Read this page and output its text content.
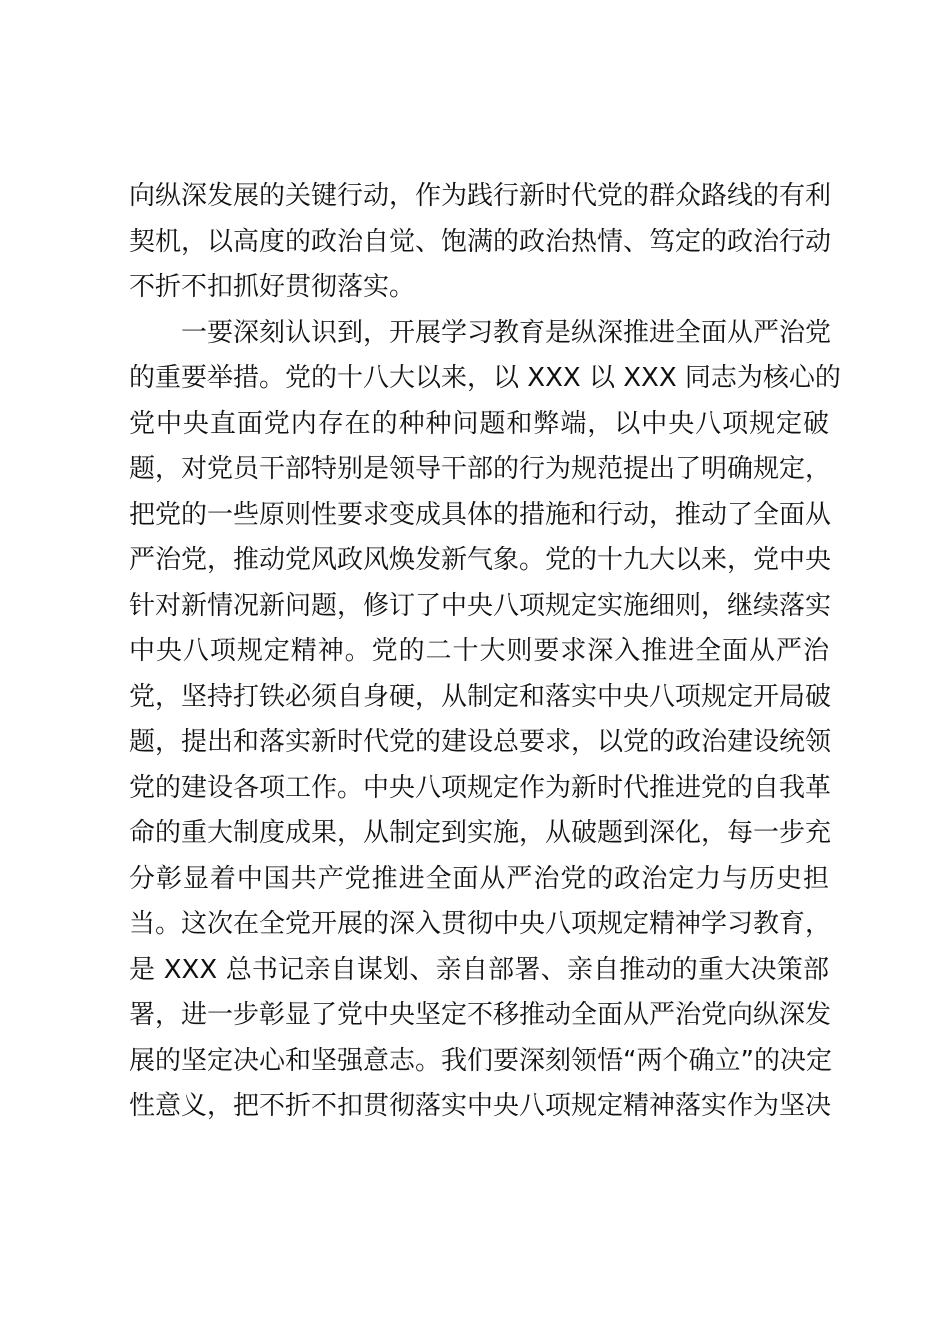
向纵深发展的关键行动，作为践行新时代党的群众路线的有利
契机，以高度的政治自觉、饱满的政治热情、笃定的政治行动
不折不扣抓好贯彻落实。
一要深刻认识到，开展学习教育是纵深推进全面从严治党
的重要举措。党的十八大以来，以 XXX 以 XXX 同志为核心的
党中央直面党内存在的种种问题和弊端，以中央八项规定破
题，对党员干部特别是领导干部的行为规范提出了明确规定，
把党的一些原则性要求变成具体的措施和行动，推动了全面从
严治党，推动党风政风焕发新气象。党的十九大以来，党中央
针对新情况新问题，修订了中央八项规定实施细则，继续落实
中央八项规定精神。党的二十大则要求深入推进全面从严治
党，坚持打铁必须自身硬，从制定和落实中央八项规定开局破
题，提出和落实新时代党的建设总要求，以党的政治建设统领
党的建设各项工作。中央八项规定作为新时代推进党的自我革
命的重大制度成果，从制定到实施，从破题到深化，每一步充
分彰显着中国共产党推进全面从严治党的政治定力与历史担
当。这次在全党开展的深入贯彻中央八项规定精神学习教育，
是 XXX 总书记亲自谋划、亲自部署、亲自推动的重大决策部
署，进一步彰显了党中央坚定不移推动全面从严治党向纵深发
展的坚定决心和坚强意志。我们要深刻领悟“两个确立”的决定
性意义，把不折不扣贯彻落实中央八项规定精神落实作为坚决
